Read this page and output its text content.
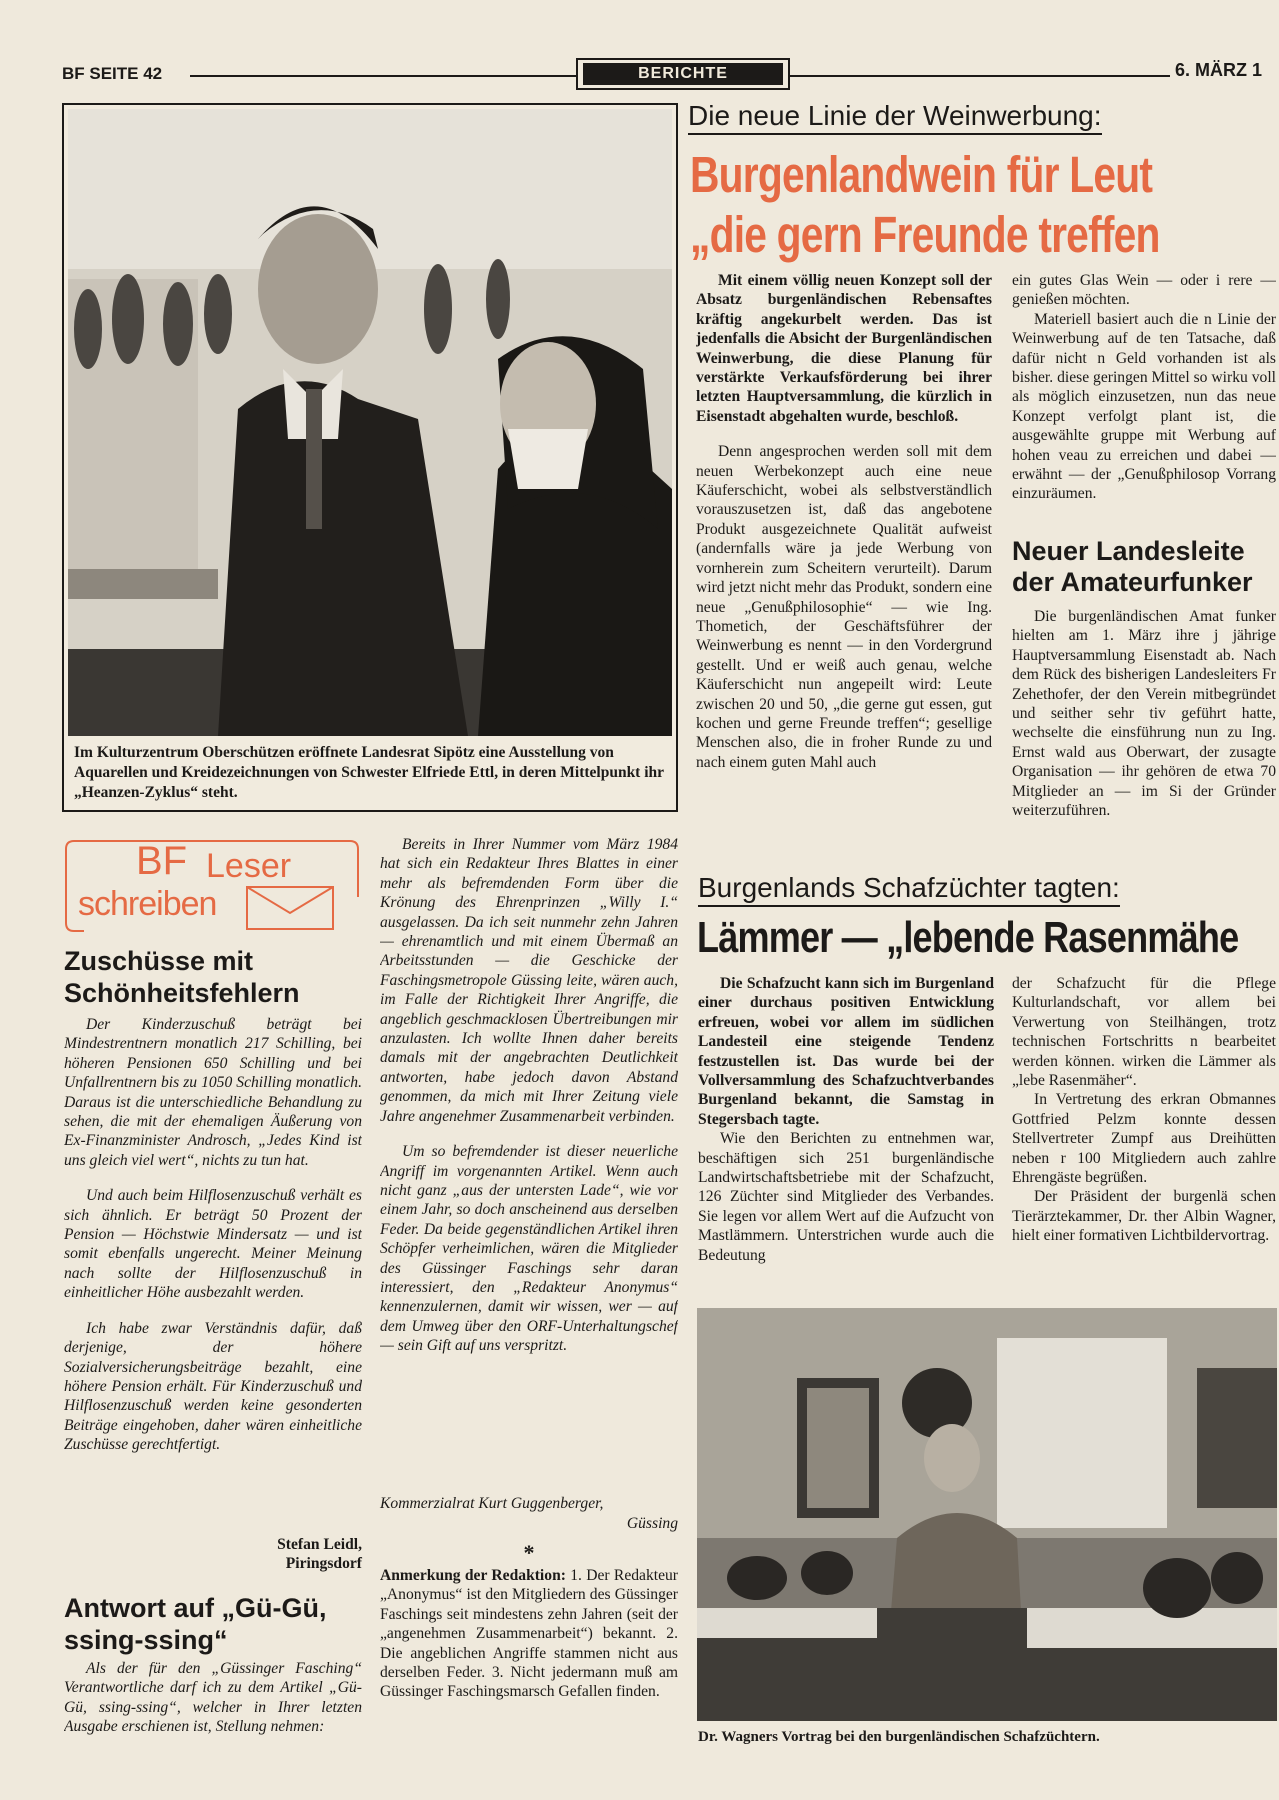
BF SEITE 42	BERICHTE	6. MÄRZ 1
Im Kulturzentrum Oberschützen eröffnete Landesrat Sipötz eine Ausstellung von Aquarellen und Kreidezeichnungen von Schwester Elfriede Ettl, in deren Mittelpunkt ihr „Heanzen-Zyklus“ steht.
Die neue Linie der Weinwerbung:
Burgenlandwein für Leut
„die gern Freunde treffen

Mit einem völlig neuen Konzept soll der Absatz burgenländischen Rebensaftes kräftig angekurbelt werden. Das ist jedenfalls die Absicht der Burgenländischen Weinwerbung, die diese Planung für verstärkte Verkaufsförderung bei ihrer letzten Hauptversammlung, die kürzlich in Eisenstadt abgehalten wurde, beschloß.

Denn angesprochen werden soll mit dem neuen Werbekonzept auch eine neue Käuferschicht, wobei als selbstverständlich vorauszusetzen ist, daß das angebotene Produkt ausgezeichnete Qualität aufweist (andernfalls wäre ja jede Werbung von vornherein zum Scheitern verurteilt). Darum wird jetzt nicht mehr das Produkt, sondern eine neue „Genußphilosophie“ — wie Ing. Thometich, der Geschäftsführer der Weinwerbung es nennt — in den Vordergrund gestellt. Und er weiß auch genau, welche Käuferschicht nun angepeilt wird: Leute zwischen 20 und 50, „die gerne gut essen, gut kochen und gerne Freunde treffen“; gesellige Menschen also, die in froher Runde zu und nach einem guten Mahl auch

ein gutes Glas Wein — oder i rere — genießen möchten.

Materiell basiert auch die n Linie der Weinwerbung auf de ten Tatsache, daß dafür nicht n Geld vorhanden ist als bisher. diese geringen Mittel so wirku voll als möglich einzusetzen, nun das neue Konzept verfolgt plant ist, die ausgewählte gruppe mit Werbung auf hohen veau zu erreichen und dabei — erwähnt — der „Genußphilosop Vorrang einzuräumen.

Neuer Landesleite
der Amateurfunker

Die burgenländischen Amat funker hielten am 1. März ihre j jährige Hauptversammlung Eisenstadt ab. Nach dem Rück des bisherigen Landesleiters Fr Zehethofer, der den Verein mitbegründet und seither sehr tiv geführt hatte, wechselte die einsführung nun zu Ing. Ernst wald aus Oberwart, der zusagte Organisation — ihr gehören de etwa 70 Mitglieder an — im Si der Gründer weiterzuführen.

Burgenlands Schafzüchter tagten:
Lämmer — „lebende Rasenmähe

Die Schafzucht kann sich im Burgenland einer durchaus positiven Entwicklung erfreuen, wobei vor allem im südlichen Landesteil eine steigende Tendenz festzustellen ist. Das wurde bei der Vollversammlung des Schafzuchtverbandes Burgenland bekannt, die Samstag in Stegersbach tagte.

Wie den Berichten zu entnehmen war, beschäftigen sich 251 burgenländische Landwirtschaftsbetriebe mit der Schafzucht, 126 Züchter sind Mitglieder des Verbandes. Sie legen vor allem Wert auf die Aufzucht von Mastlämmern. Unterstrichen wurde auch die Bedeutung

der Schafzucht für die Pflege Kulturlandschaft, vor allem bei Verwertung von Steilhängen, trotz technischen Fortschritts n bearbeitet werden können. wirken die Lämmer als „lebe Rasenmäher“.

In Vertretung des erkran Obmannes Gottfried Pelzm konnte dessen Stellvertreter Zumpf aus Dreihütten neben r 100 Mitgliedern auch zahlre Ehrengäste begrüßen.

Der Präsident der burgenlä schen Tierärztekammer, Dr. ther Albin Wagner, hielt einer formativen Lichtbildervortrag.

Dr. Wagners Vortrag bei den burgenländischen Schafzüchtern.
BF Leser
schreiben
Zuschüsse mit Schönheitsfehlern

Der Kinderzuschuß beträgt bei Mindestrentnern monatlich 217 Schilling, bei höheren Pensionen 650 Schilling und bei Unfallrentnern bis zu 1050 Schilling monatlich. Daraus ist die unterschiedliche Behandlung zu sehen, die mit der ehemaligen Äußerung von Ex-Finanzminister Androsch, „Jedes Kind ist uns gleich viel wert“, nichts zu tun hat.

Und auch beim Hilflosenzuschuß verhält es sich ähnlich. Er beträgt 50 Prozent der Pension — Höchstwie Mindersatz — und ist somit ebenfalls ungerecht. Meiner Meinung nach sollte der Hilflosenzuschuß in einheitlicher Höhe ausbezahlt werden.

Ich habe zwar Verständnis dafür, daß derjenige, der höhere Sozialversicherungsbeiträge bezahlt, eine höhere Pension erhält. Für Kinderzuschuß und Hilflosenzuschuß werden keine gesonderten Beiträge eingehoben, daher wären einheitliche Zuschüsse gerechtfertigt.

Stefan Leidl,
Piringsdorf
Antwort auf „Gü-Gü, ssing-ssing“

Als der für den „Güssinger Fasching“ Verantwortliche darf ich zu dem Artikel „Gü-Gü, ssing-ssing“, welcher in Ihrer letzten Ausgabe erschienen ist, Stellung nehmen:

Bereits in Ihrer Nummer vom März 1984 hat sich ein Redakteur Ihres Blattes in einer mehr als befremdenden Form über die Krönung des Ehrenprinzen „Willy I.“ ausgelassen. Da ich seit nunmehr zehn Jahren — ehrenamtlich und mit einem Übermaß an Arbeitsstunden — die Geschicke der Faschingsmetropole Güssing leite, wären auch, im Falle der Richtigkeit Ihrer Angriffe, die angeblich geschmacklosen Übertreibungen mir anzulasten. Ich wollte Ihnen daher bereits damals mit der angebrachten Deutlichkeit antworten, habe jedoch davon Abstand genommen, da mich mit Ihrer Zeitung viele Jahre angenehmer Zusammenarbeit verbinden.

Um so befremdender ist dieser neuerliche Angriff im vorgenannten Artikel. Wenn auch nicht ganz „aus der untersten Lade“, wie vor einem Jahr, so doch anscheinend aus derselben Feder. Da beide gegenständlichen Artikel ihren Schöpfer verheimlichen, wären die Mitglieder des Güssinger Faschings sehr daran interessiert, den „Redakteur Anonymus“ kennenzulernen, damit wir wissen, wer — auf dem Umweg über den ORF-Unterhaltungschef — sein Gift auf uns verspritzt.

Kommerzialrat Kurt Guggenberger,
Güssing
*

Anmerkung der Redaktion: 1. Der Redakteur „Anonymus“ ist den Mitgliedern des Güssinger Faschings seit mindestens zehn Jahren (seit der „angenehmen Zusammenarbeit“) bekannt. 2. Die angeblichen Angriffe stammen nicht aus derselben Feder. 3. Nicht jedermann muß am Güssinger Faschingsmarsch Gefallen finden.
